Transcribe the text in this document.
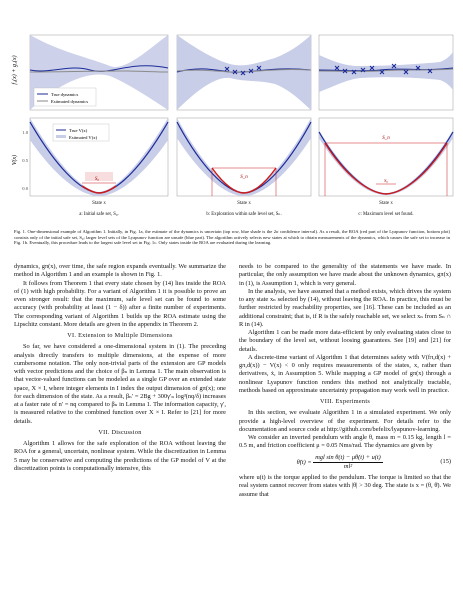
f₁(x) + g₁(x)
V(x)
1.0
0.5
0.0
True dynamics
Estimated dynamics
S₀
True V(x)
Estimated V(x)
S_n
S_n
S₀
State x	State x	State x
a: Initial safe set, S₀.	b: Exploration within safe level set, Sₙ.	c: Maximum level set found.
Fig. 1. One-dimensional example of Algorithm 1. Initially, in Fig. 1a, the estimate of the dynamics is uncertain (top row, blue shade is the 2σ confidence interval). As a result, the ROA (red part of the Lyapunov function, bottom plot) consists only of the initial safe set, S₀; larger level sets of the Lyapunov function are unsafe (blue part). The algorithm actively selects new states at which to obtain measurements of the dynamics, which causes the safe set to increase in Fig. 1b. Eventually, this procedure leads to the largest safe level set in Fig. 1c. Only states inside the ROA are evaluated during the learning.

dynamics, gπ(x), over time, the safe region expands eventually. We summarize the method in Algorithm 1 and an example is shown in Fig. 1.

It follows from Theorem 1 that every state chosen by (14) lies inside the ROA of (1) with high probability. For a variant of Algorithm 1 it is possible to prove an even stronger result: that the maximum, safe level set can be found to some accuracy (with probability at least (1 − δ)) after a finite number of experiments. The corresponding variant of Algorithm 1 builds up the ROA estimate using the Lipschitz constant. More details are given in the appendix in Theorem 2.

VI. Extension to Multiple Dimensions

So far, we have considered a one-dimensional system in (1). The preceding analysis directly transfers to multiple dimensions, at the expense of more cumbersome notation. The only non-trivial parts of the extension are GP models with vector predictions and the choice of βₙ in Lemma 1. The main observation is that vector-valued functions can be modeled as a single GP over an extended state space, X × I, where integer elements in I index the output dimension of gπ(x); one for each dimension of the state. As a result, βₙ′ = 2Bg + 300γ′ₙ log³(nq/δ) increases at a faster rate of n′ = nq compared to βₙ in Lemma 1. The information capacity, γ′, is measured relative to the combined function over X × I. Refer to [21] for more details.

VII. Discussion

Algorithm 1 allows for the safe exploration of the ROA without leaving the ROA for a general, uncertain, nonlinear system. While the discretization in Lemma 5 may be conservative and computing the predictions of the GP model of V at the discretization points is computationally intensive, this

needs to be compared to the generality of the statements we have made. In particular, the only assumption we have made about the unknown dynamics, gπ(x) in (1), is Assumption 1, which is very general.

In the analysis, we have assumed that a method exists, which drives the system to any state xₙ selected by (14), without leaving the ROA. In practice, this must be further restricted by reachability properties, see [16]. These can be included as an additional constraint; that is, if R is the safely reachable set, we select xₙ from Sₙ ∩ R in (14).

Algorithm 1 can be made more data-efficient by only evaluating states close to the boundary of the level set, without loosing guarantees. See [19] and [21] for details.

A discrete-time variant of Algorithm 1 that determines safety with V(fπ,d(x) + gπ,d(x)) − V(x) < 0 only requires measurements of the states, x, rather than derivatives, ẋ, in Assumption 5. While mapping a GP model of gπ(x) through a nonlinear Lyapunov function renders this method not analytically tractable, methods based on approximate uncertainty propagation may work well in practice.

VIII. Experiments

In this section, we evaluate Algorithm 1 in a simulated experiment. We only provide a high-level overview of the experiment. For details refer to the documentation and source code at http://github.com/befelix/lyapunov-learning.

We consider an inverted pendulum with angle θ, mass m = 0.15 kg, length l = 0.5 m, and friction coefficient μ = 0.05 Nms/rad. The dynamics are given by

θ̈(t) = $\frac{\text{mgl sin θ(t) − μθ̇(t) + u(t)}}{\text{ml²}}$	(15)

where u(t) is the torque applied to the pendulum. The torque is limited so that the real system cannot recover from states with |θ| > 30 deg. The state is x = (θ, θ̇). We assume that
